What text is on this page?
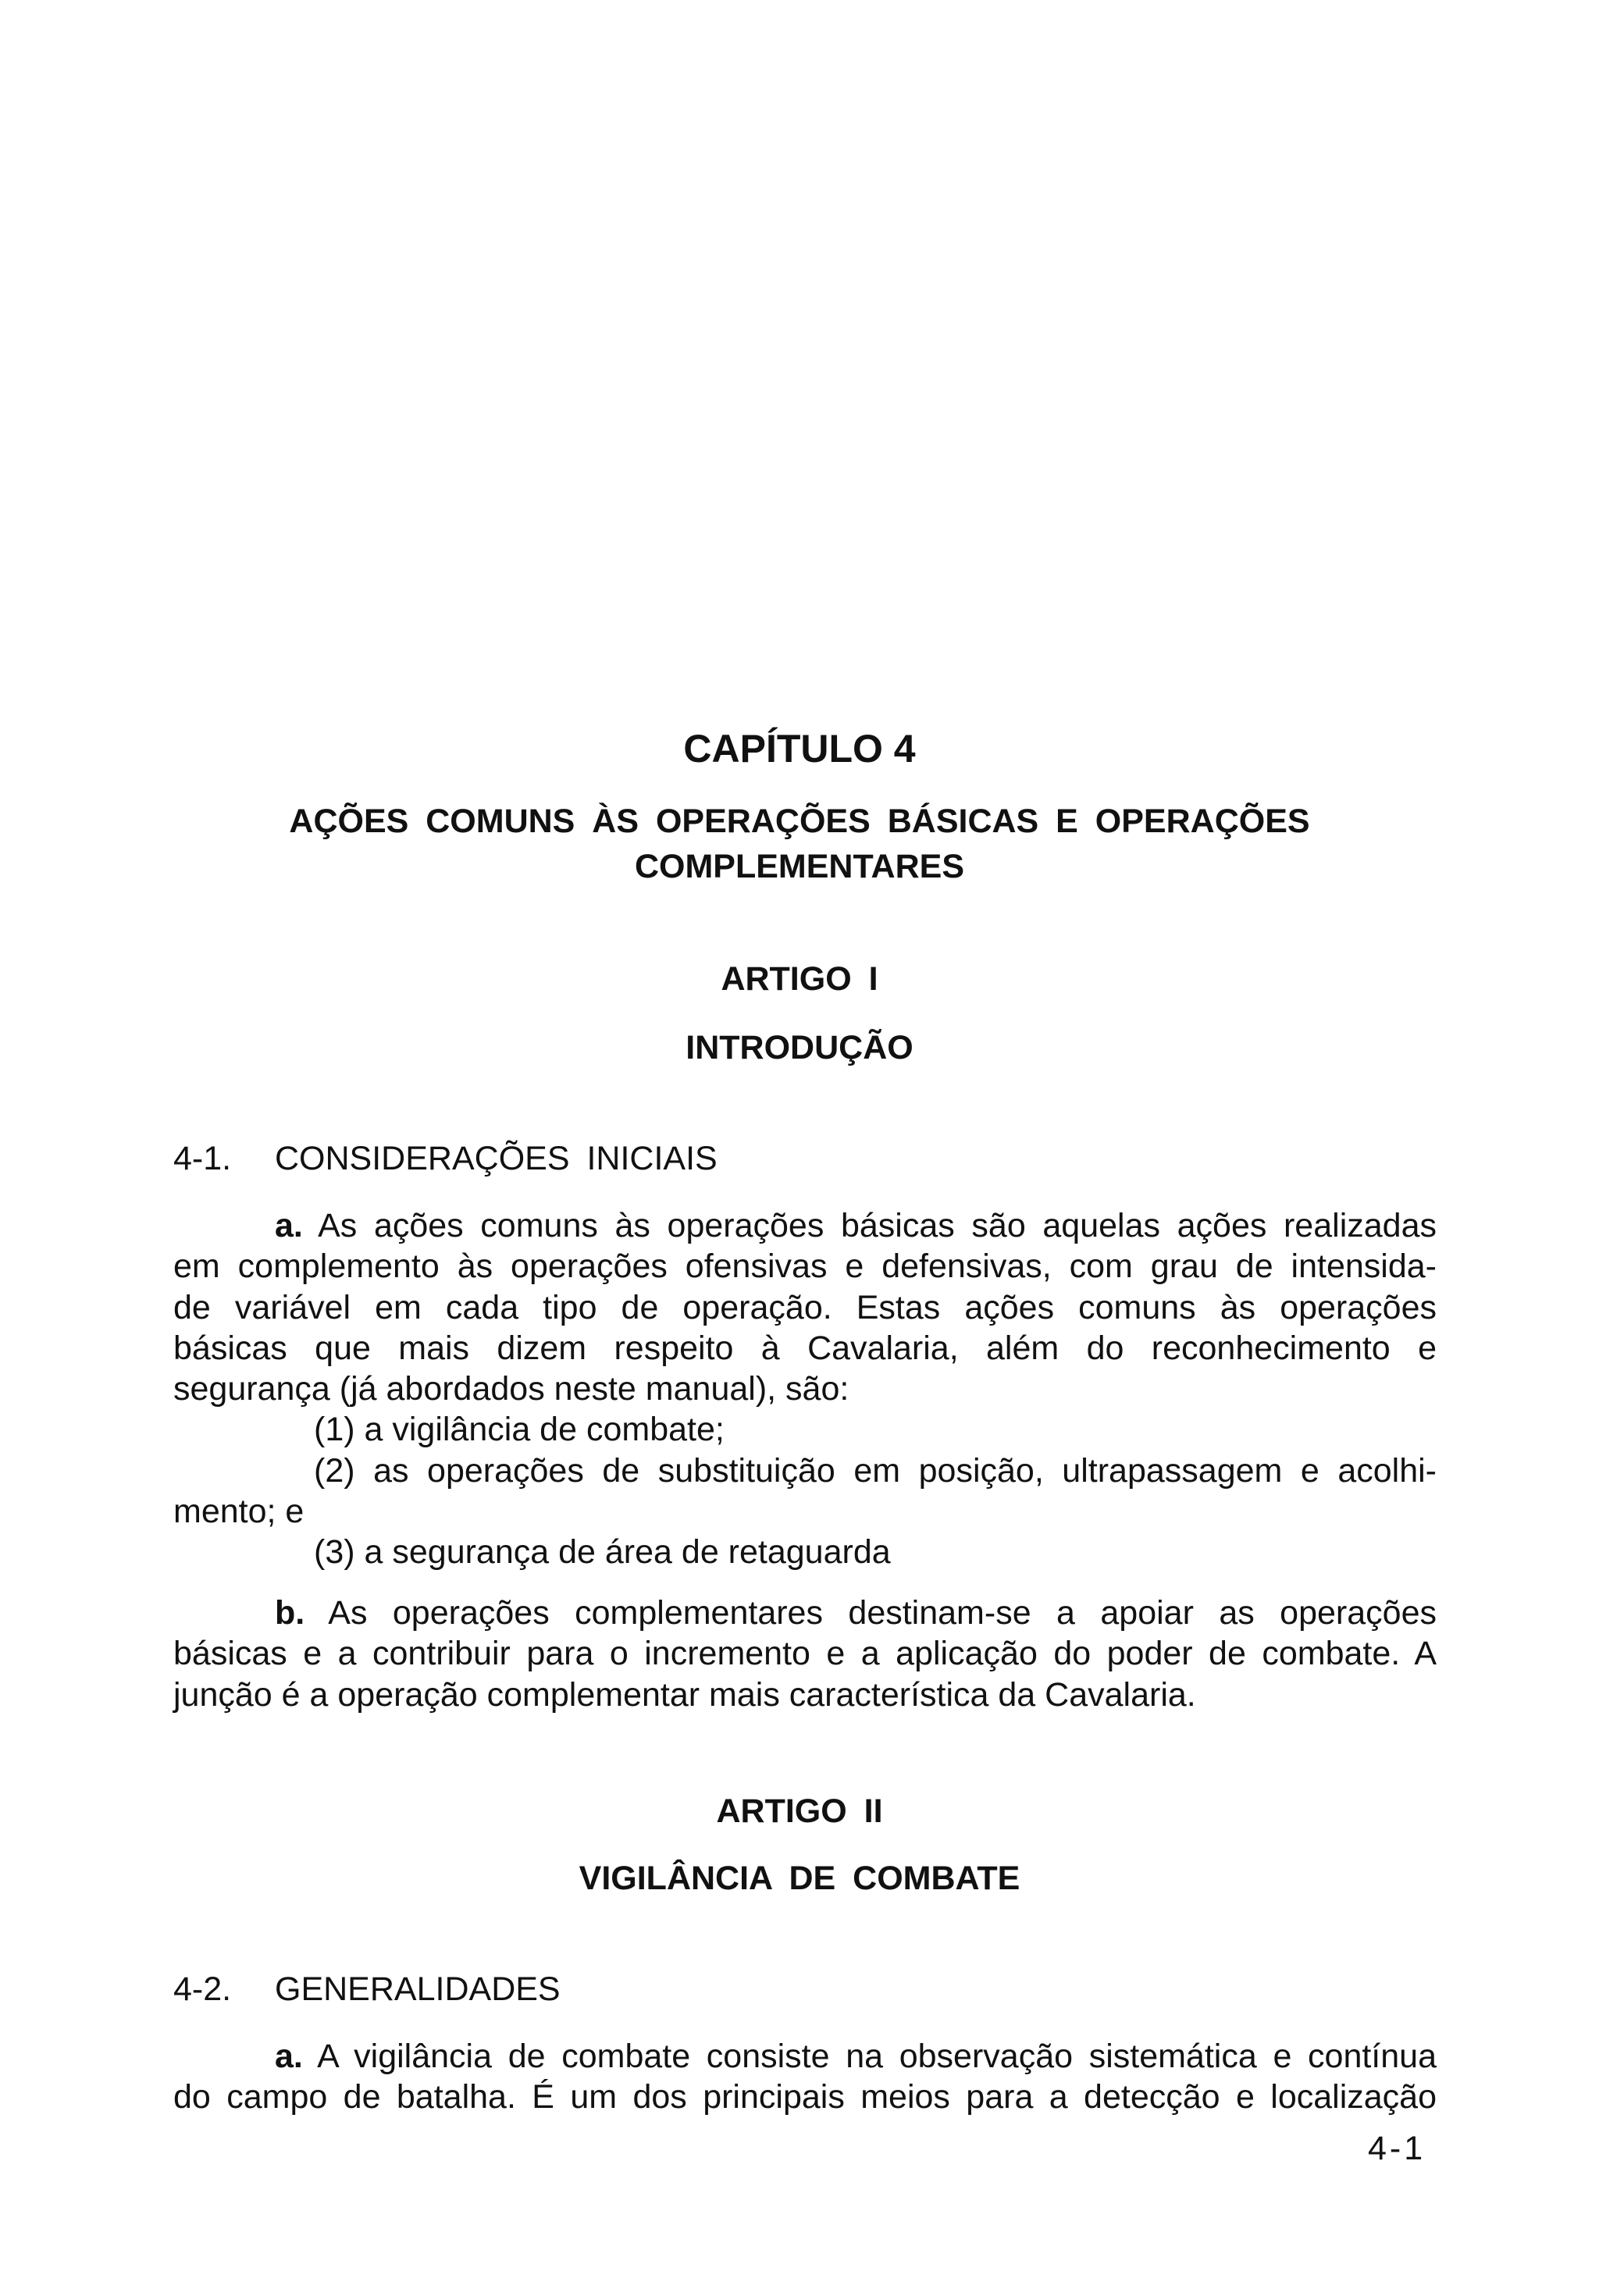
CAPÍTULO 4
AÇÕES COMUNS ÀS OPERAÇÕES BÁSICAS E OPERAÇÕES
COMPLEMENTARES
ARTIGO I
INTRODUÇÃO
4-1. CONSIDERAÇÕES INICIAIS
a. As ações comuns às operações básicas são aquelas ações realizadas
em complemento às operações ofensivas e defensivas, com grau de intensida-
de variável em cada tipo de operação. Estas ações comuns às operações
básicas que mais dizem respeito à Cavalaria, além do reconhecimento e
segurança (já abordados neste manual), são:
(1) a vigilância de combate;
(2) as operações de substituição em posição, ultrapassagem e acolhi-
mento; e
(3) a segurança de área de retaguarda
b. As operações complementares destinam-se a apoiar as operações
básicas e a contribuir para o incremento e a aplicação do poder de combate. A
junção é a operação complementar mais característica da Cavalaria.
ARTIGO II
VIGILÂNCIA DE COMBATE
4-2. GENERALIDADES
a. A vigilância de combate consiste na observação sistemática e contínua
do campo de batalha. É um dos principais meios para a detecção e localização
4-1
